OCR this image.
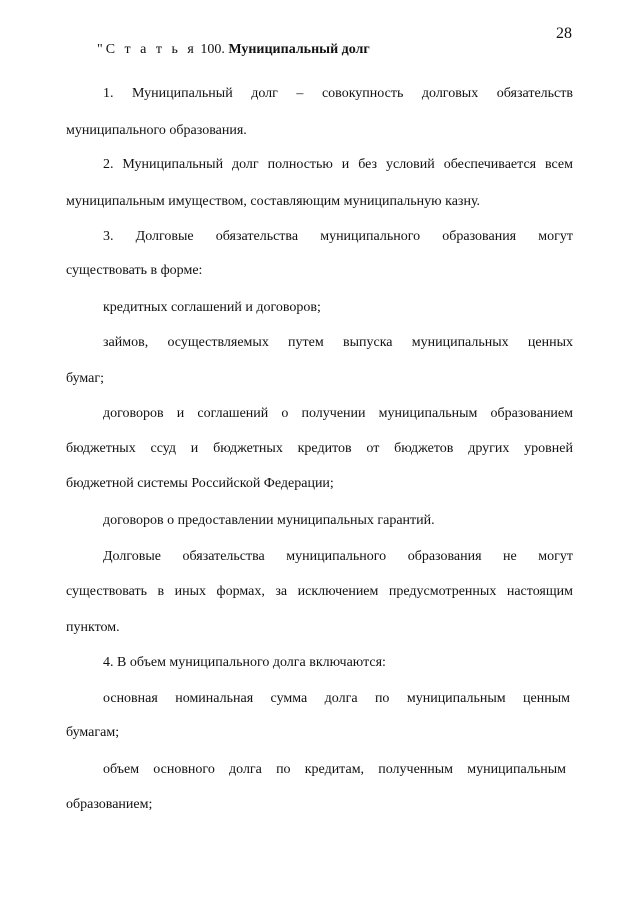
28
"С т а т ь я 100. Муниципальный долг

1. Муниципальный долг – совокупность долговых обязательств

муниципального образования.

2. Муниципальный долг полностью и без условий обеспечивается всем

муниципальным имуществом, составляющим муниципальную казну.

3. Долговые обязательства муниципального образования могут

существовать в форме:

кредитных соглашений и договоров;

займов, осуществляемых путем выпуска муниципальных ценных

бумаг;

договоров и соглашений о получении муниципальным образованием

бюджетных ссуд и бюджетных кредитов от бюджетов других уровней

бюджетной системы Российской Федерации;

договоров о предоставлении муниципальных гарантий.

Долговые обязательства муниципального образования не могут

существовать в иных формах, за исключением предусмотренных настоящим

пунктом.

4. В объем муниципального долга включаются:

основная номинальная сумма долга по муниципальным ценным

бумагам;

объем основного долга по кредитам, полученным муниципальным

образованием;
